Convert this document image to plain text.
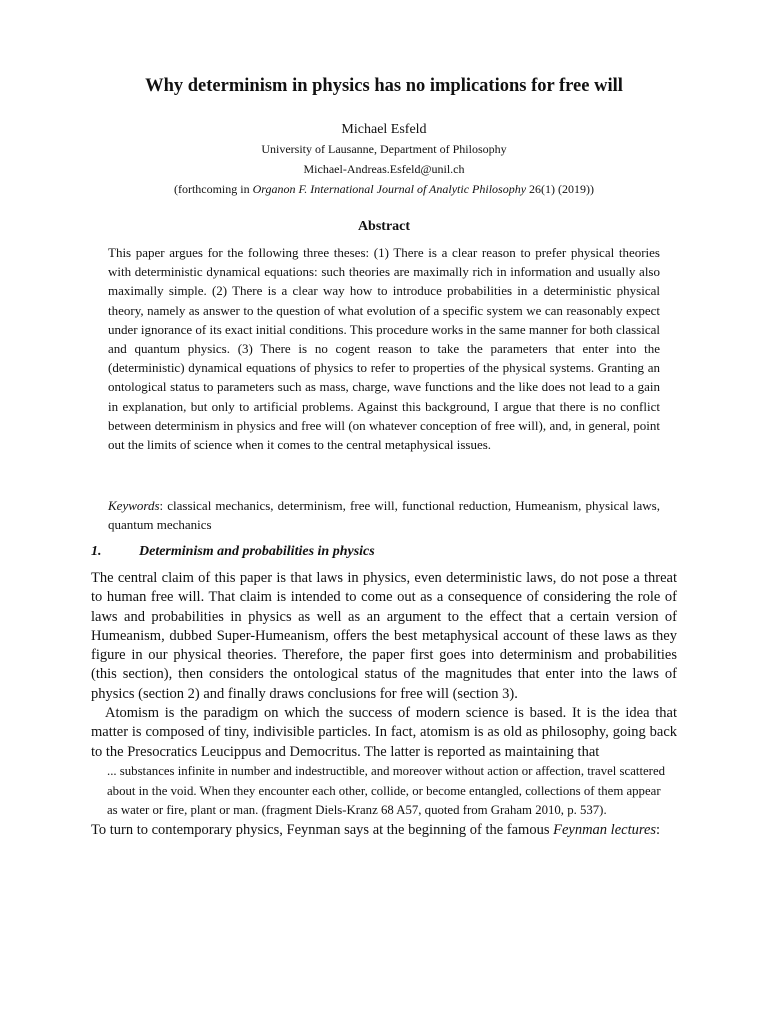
Why determinism in physics has no implications for free will
Michael Esfeld
University of Lausanne, Department of Philosophy
Michael-Andreas.Esfeld@unil.ch
(forthcoming in Organon F. International Journal of Analytic Philosophy 26(1) (2019))
Abstract

This paper argues for the following three theses: (1) There is a clear reason to prefer physical theories with deterministic dynamical equations: such theories are maximally rich in information and usually also maximally simple. (2) There is a clear way how to introduce probabilities in a deterministic physical theory, namely as answer to the question of what evolution of a specific system we can reasonably expect under ignorance of its exact initial conditions. This procedure works in the same manner for both classical and quantum physics. (3) There is no cogent reason to take the parameters that enter into the (deterministic) dynamical equations of physics to refer to properties of the physical systems. Granting an ontological status to parameters such as mass, charge, wave functions and the like does not lead to a gain in explanation, but only to artificial problems. Against this background, I argue that there is no conflict between determinism in physics and free will (on whatever conception of free will), and, in general, point out the limits of science when it comes to the central metaphysical issues.

Keywords: classical mechanics, determinism, free will, functional reduction, Humeanism, physical laws, quantum mechanics

1.	Determinism and probabilities in physics

The central claim of this paper is that laws in physics, even deterministic laws, do not pose a threat to human free will. That claim is intended to come out as a consequence of considering the role of laws and probabilities in physics as well as an argument to the effect that a certain version of Humeanism, dubbed Super-Humeanism, offers the best metaphysical account of these laws as they figure in our physical theories. Therefore, the paper first goes into determinism and probabilities (this section), then considers the ontological status of the magnitudes that enter into the laws of physics (section 2) and finally draws conclusions for free will (section 3).

Atomism is the paradigm on which the success of modern science is based. It is the idea that matter is composed of tiny, indivisible particles. In fact, atomism is as old as philosophy, going back to the Presocratics Leucippus and Democritus. The latter is reported as maintaining that

... substances infinite in number and indestructible, and moreover without action or affection, travel scattered about in the void. When they encounter each other, collide, or become entangled, collections of them appear as water or fire, plant or man. (fragment Diels-Kranz 68 A57, quoted from Graham 2010, p. 537).

To turn to contemporary physics, Feynman says at the beginning of the famous Feynman lectures:
